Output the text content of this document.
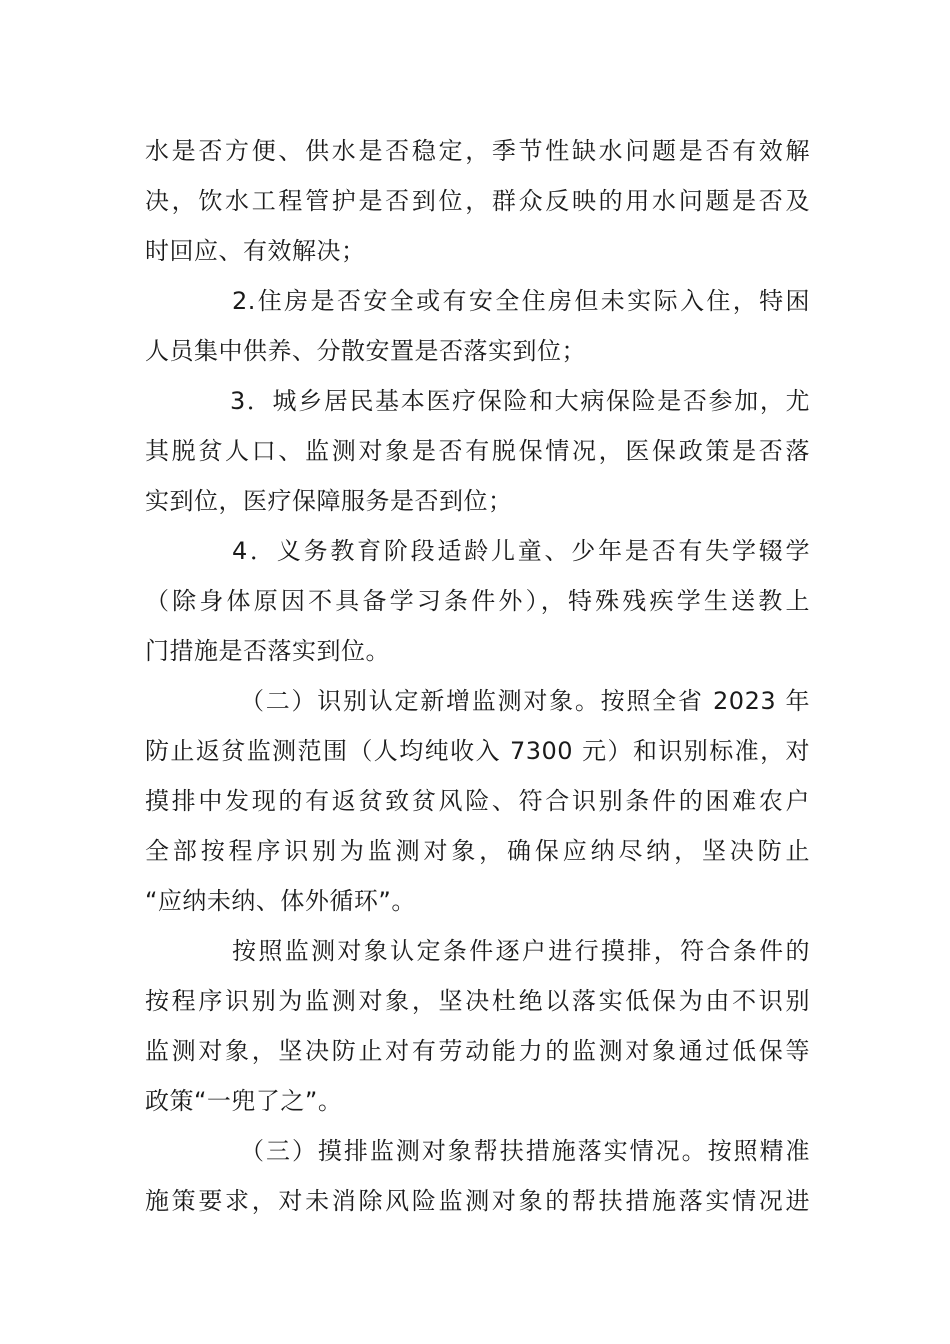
水是否方便、供水是否稳定，季节性缺水问题是否有效解
决，饮水工程管护是否到位，群众反映的用水问题是否及
时回应、有效解决；
2.住房是否安全或有安全住房但未实际入住，特困
人员集中供养、分散安置是否落实到位；
3．城乡居民基本医疗保险和大病保险是否参加，尤
其脱贫人口、监测对象是否有脱保情况，医保政策是否落
实到位，医疗保障服务是否到位；
4．义务教育阶段适龄儿童、少年是否有失学辍学
（除身体原因不具备学习条件外），特殊残疾学生送教上
门措施是否落实到位。
（二）识别认定新增监测对象。按照全省 2023 年
防止返贫监测范围（人均纯收入 7300 元）和识别标准，对
摸排中发现的有返贫致贫风险、符合识别条件的困难农户
全部按程序识别为监测对象，确保应纳尽纳，坚决防止
“应纳未纳、体外循环”。
按照监测对象认定条件逐户进行摸排，符合条件的
按程序识别为监测对象，坚决杜绝以落实低保为由不识别
监测对象，坚决防止对有劳动能力的监测对象通过低保等
政策“一兜了之”。
（三）摸排监测对象帮扶措施落实情况。按照精准
施策要求，对未消除风险监测对象的帮扶措施落实情况进
